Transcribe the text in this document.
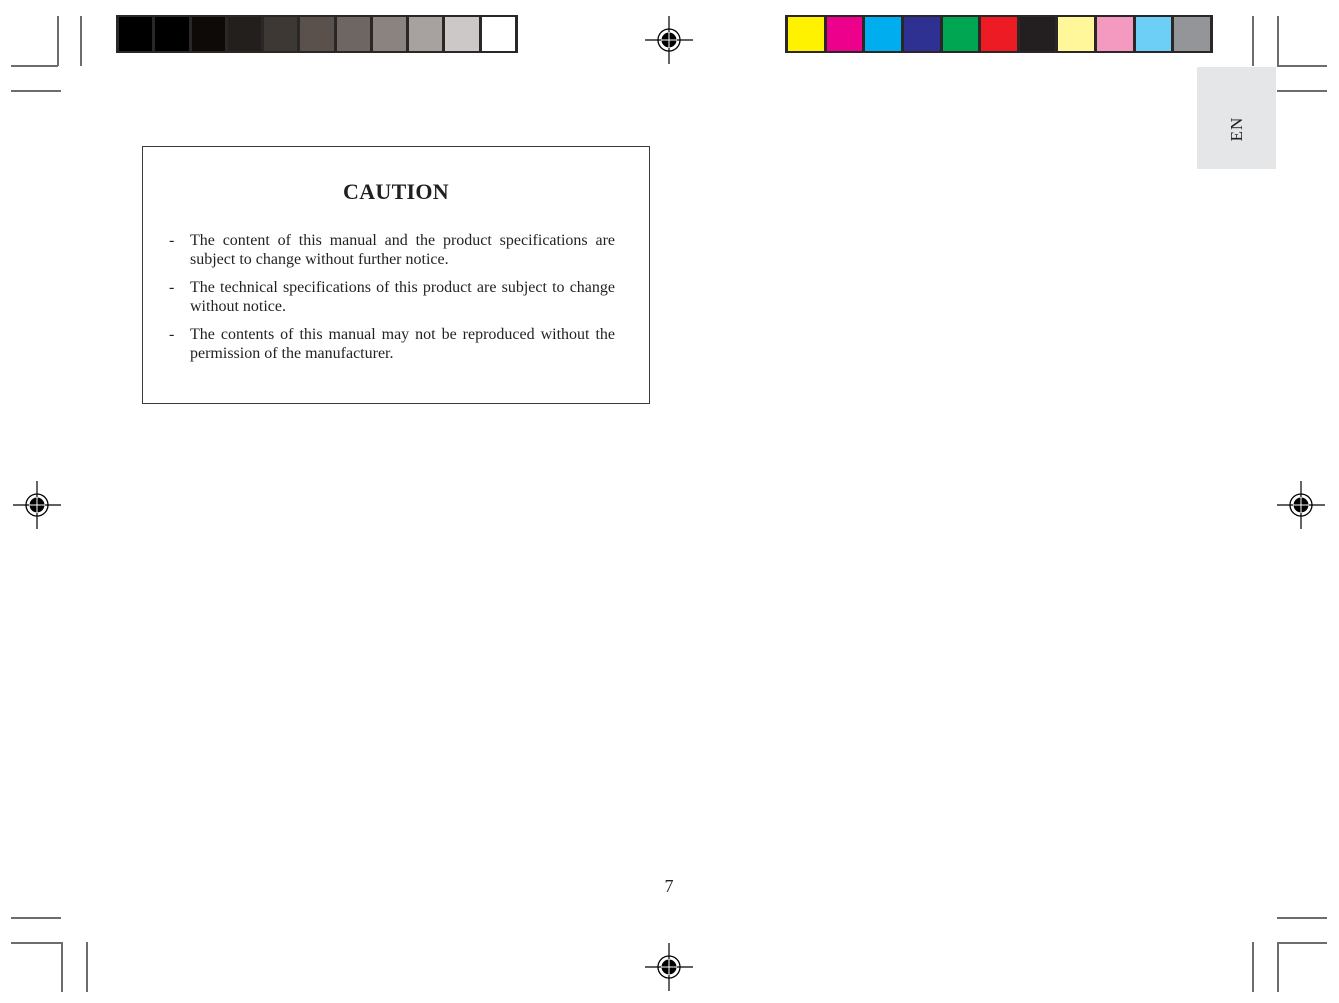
EN
CAUTION
- The content of this manual and the product specifications are subject to change without further notice.
- The technical specifications of this product are subject to change without notice.
- The contents of this manual may not be reproduced without the permission of the manufacturer.
7
